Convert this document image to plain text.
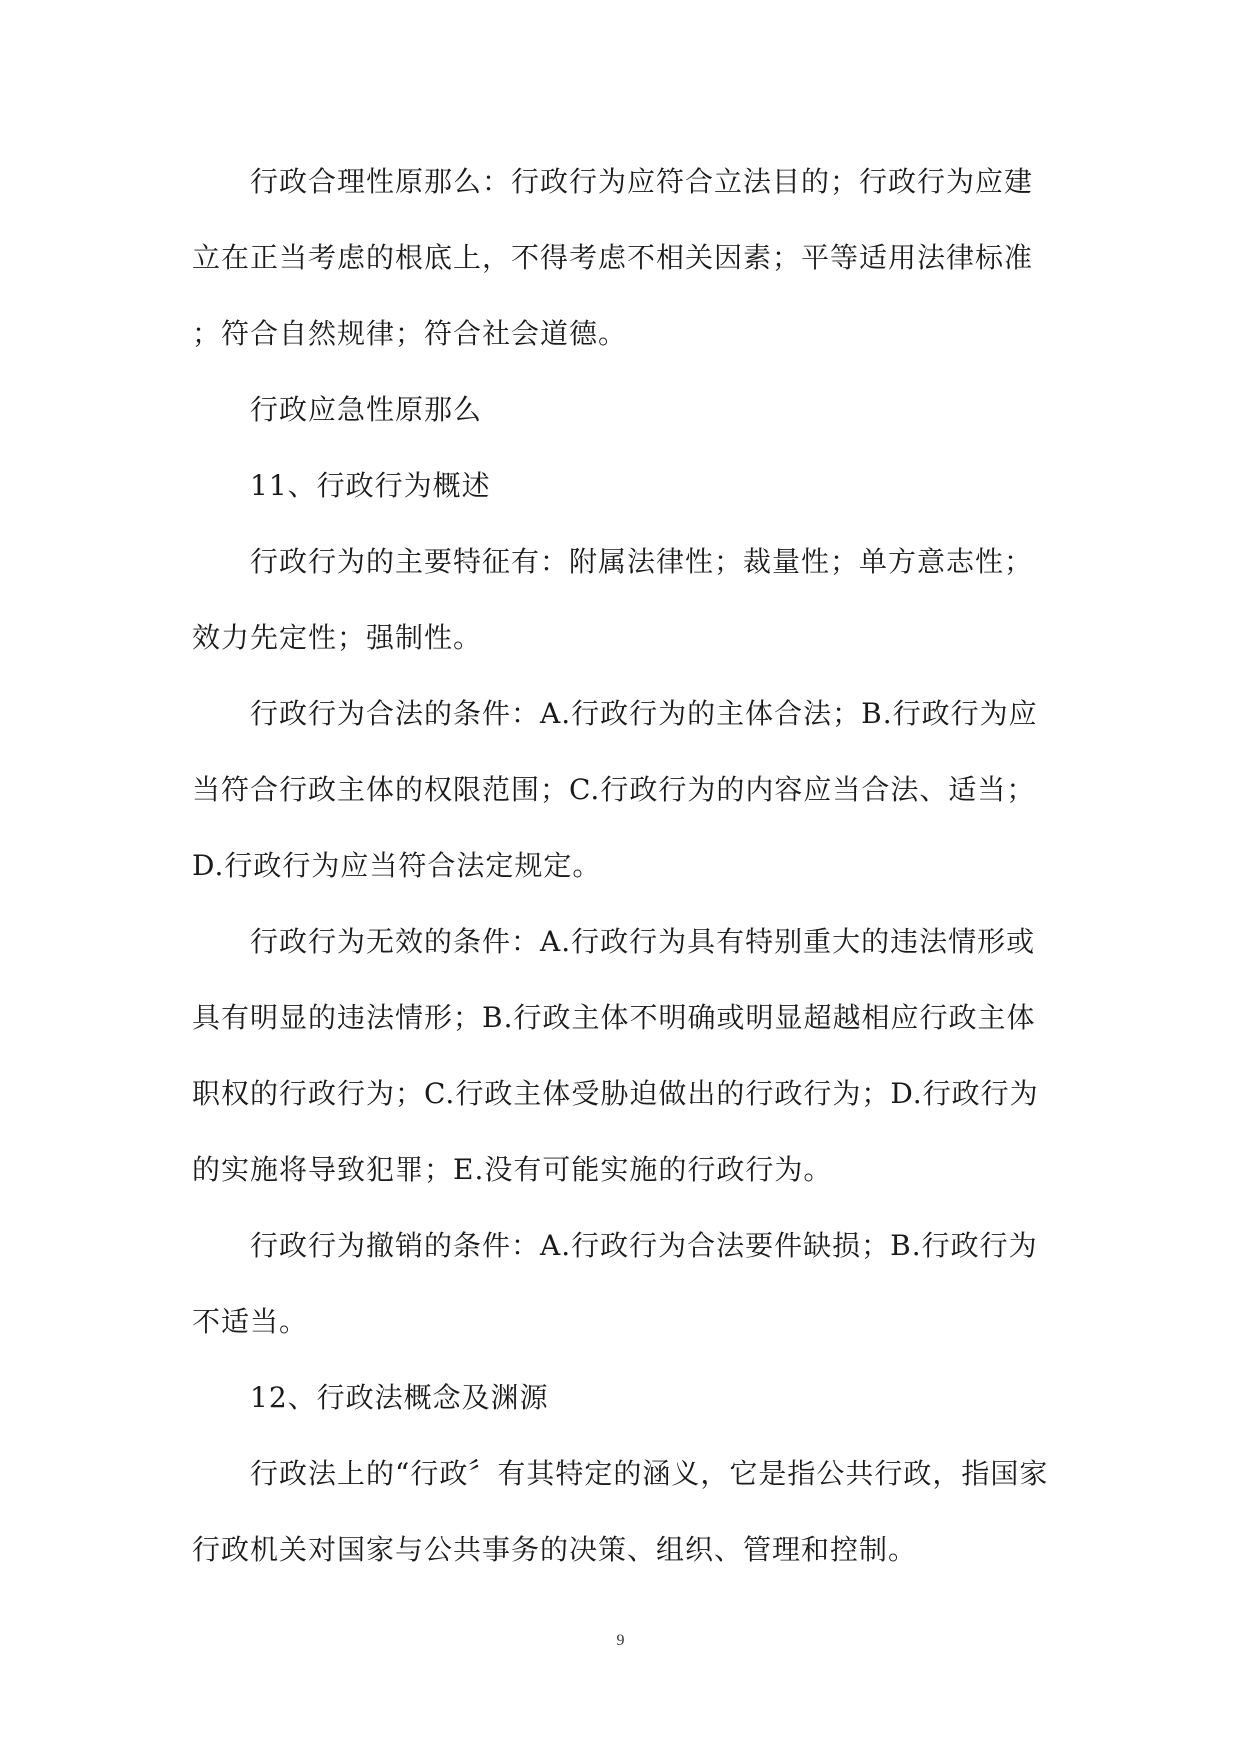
行政合理性原那么：行政行为应符合立法目的；行政行为应建
立在正当考虑的根底上，不得考虑不相关因素；平等适用法律标准
；符合自然规律；符合社会道德。

行政应急性原那么

11、行政行为概述

行政行为的主要特征有：附属法律性；裁量性；单方意志性；
效力先定性；强制性。

行政行为合法的条件：A.行政行为的主体合法；B.行政行为应
当符合行政主体的权限范围；C.行政行为的内容应当合法、适当；
D.行政行为应当符合法定规定。

行政行为无效的条件：A.行政行为具有特别重大的违法情形或
具有明显的违法情形；B.行政主体不明确或明显超越相应行政主体
职权的行政行为；C.行政主体受胁迫做出的行政行为；D.行政行为
的实施将导致犯罪；E.没有可能实施的行政行为。

行政行为撤销的条件：A.行政行为合法要件缺损；B.行政行为
不适当。

12、行政法概念及渊源

行政法上的“行政〞有其特定的涵义，它是指公共行政，指国家
行政机关对国家与公共事务的决策、组织、管理和控制。

9
